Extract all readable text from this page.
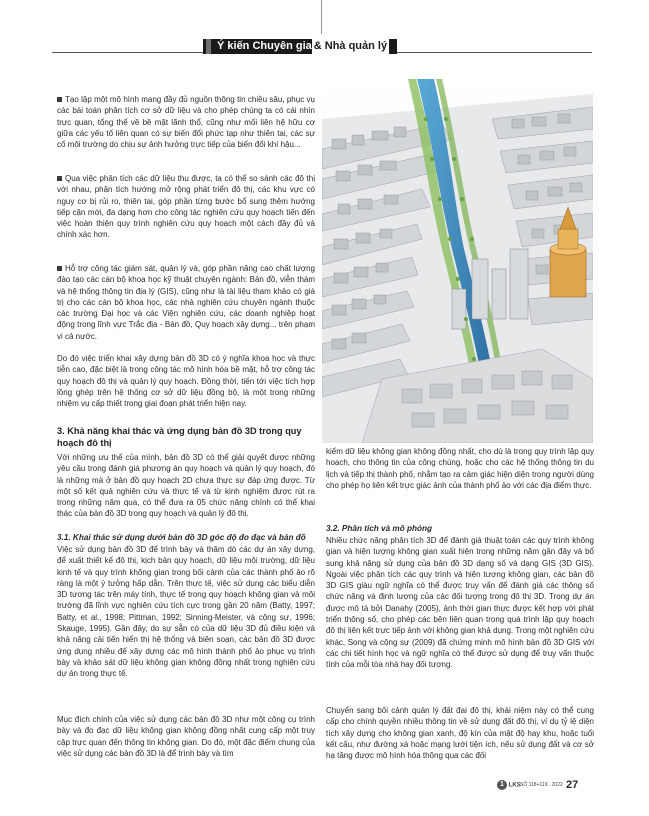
Ý kiến Chuyên gia & Nhà quản lý

Tạo lập một mô hình mang đầy đủ nguồn thông tin chiều sâu, phục vụ các bài toán phân tích cơ sở dữ liệu và cho phép chúng ta có cái nhìn trực quan, tổng thể về bề mặt lãnh thổ, cũng như mối liên hệ hữu cơ giữa các yếu tố liên quan có sự biến đổi phức tạp như thiên tai, các sự cố môi trường do chịu sự ảnh hưởng trực tiếp của biến đổi khí hậu...

Qua việc phân tích các dữ liệu thu được, ta có thể so sánh các đô thị với nhau, phân tích hướng mở rộng phát triển đô thị, các khu vực có nguy cơ bị rủi ro, thiên tai, góp phần từng bước bổ sung thêm hướng tiếp cận mới, đa dạng hơn cho công tác nghiên cứu quy hoạch tiến đến việc hoàn thiện quy trình nghiên cứu quy hoạch một cách đầy đủ và chính xác hơn.

Hỗ trợ công tác giám sát, quản lý và, góp phần nâng cao chất lượng đào tạo các cán bộ khoa học kỹ thuật chuyên ngành: Bản đồ, viễn thám và hệ thống thông tin địa lý (GIS), cũng như là tài liệu tham khảo có giá trị cho các cán bộ khoa học, các nhà nghiên cứu chuyên ngành thuộc các trường Đại học và các Viện nghiên cứu, các doanh nghiệp hoạt động trong lĩnh vực Trắc địa - Bản đồ, Quy hoạch xây dựng... trên phạm vi cả nước.

Do đó việc triển khai xây dựng bản đồ 3D có ý nghĩa khoa học và thực tiễn cao, đặc biệt là trong công tác mô hình hóa bề mặt, hỗ trợ công tác quy hoạch đô thị và quản lý quy hoạch. Đồng thời, tiến tới việc tích hợp lồng ghép trên hệ thống cơ sở dữ liệu đồng bộ, là một trong những nhiệm vụ cấp thiết trong giai đoạn phát triển hiện nay.

3. Khả năng khai thác và ứng dụng bản đồ 3D trong quy hoạch đô thị

Với những ưu thế của mình, bản đồ 3D có thể giải quyết được những yêu cầu trong đánh giá phương án quy hoạch và quản lý quy hoạch, đó là những mà ở bản đồ quy hoạch 2D chưa thực sự đáp ứng được. Từ một số kết quả nghiên cứu và thực tế và từ kinh nghiệm được rút ra trong những năm qua, có thể đưa ra 05 chức năng chính có thể khai thác của bản đồ 3D trong quy hoạch và quản lý đô thị.

3.1. Khai thác sử dụng dưới bản đồ 3D góc độ đo đạc và bản đồ

Việc sử dụng bản đồ 3D để trình bày và thăm dò các dự án xây dựng, để xuất thiết kế đô thị, kịch bản quy hoạch, dữ liệu môi trường, dữ liệu kinh tế và quy trình không gian trong bối cảnh của các thành phố ảo rõ ràng là một ý tưởng hấp dẫn. Trên thực tế, việc sử dụng các biểu diễn 3D tương tác trên máy tính, thực tế trong quy hoạch không gian và môi trường đã lĩnh vực nghiên cứu tích cực trong gần 20 năm (Batty, 1997; Batty, et al., 1998; Pittman, 1992; Sinning-Meister, và cộng sự, 1996; Skauge, 1995). Gần đây, do sự sẵn có của dữ liệu 3D đủ điều kiện và khả năng cải tiến hiển thị hệ thống và biên soạn, các bản đồ 3D được ứng dụng nhiều để xây dựng các mô hình thành phố ảo phục vụ trình bày và khảo sát dữ liệu không gian không đồng nhất trong nghiên cứu dự án trong thực tế.

Mục đích chính của việc sử dụng các bản đồ 3D như một công cụ trình bày và đo đạc dữ liệu không gian không đồng nhất cung cấp một truy cập trực quan đến thông tin không gian. Do đó, một đặc điểm chung của việc sử dụng các bản đồ 3D là để trình bày và tìm

kiếm dữ liệu không gian không đồng nhất, cho dù là trong quy trình lập quy hoạch, cho thông tin của công chúng, hoặc cho các hệ thống thông tin du lịch và tiếp thị thành phố, nhằm tạo ra cảm giác hiện diện trong người dùng cho phép họ liên kết trực giác ảnh của thành phố ảo với các địa điểm thực.

3.2. Phân tích và mô phỏng

Nhiều chức năng phân tích 3D để đánh giá thuật toán các quy trình không gian và hiện tượng không gian xuất hiện trong những năm gần đây và bổ sung khả năng sử dụng của bản đồ 3D dạng số và dạng GIS (3D GIS). Ngoài việc phân tích các quy trình và hiện tượng không gian, các bản đồ 3D GIS giàu ngữ nghĩa có thể được truy vấn để đánh giá các thông số chức năng và định lượng của các đối tượng trong đô thị 3D. Trong dự án được mô tả bởi Danahy (2005), ảnh thời gian thực được kết hợp với phát triển thông số, cho phép các bên liên quan trong quá trình lập quy hoạch đô thị liên kết trực tiếp ảnh với không gian khả dụng. Trong một nghiên cứu khác, Song và cộng sự (2009) đã chứng minh mô hình bản đồ 3D GIS với các chi tiết hình học và ngữ nghĩa có thể được sử dụng để truy vấn thuộc tính của mỗi tòa nhà hay đối tượng.

Chuyển sang bối cảnh quản lý đất đai đô thị, khái niệm này có thể cung cấp cho chính quyền nhiều thông tin về sử dụng đất đô thị, ví dụ tỷ lệ diện tích xây dựng cho không gian xanh, độ kín của mật độ hay khu, hoặc tuổi kết cấu, như đường xá hoặc mạng lưới tiện ích, nếu sử dụng đất và cơ sở hạ tầng được mô hình hóa thông qua các đối

1 LKS SỐ 118+119 . 2022 27
